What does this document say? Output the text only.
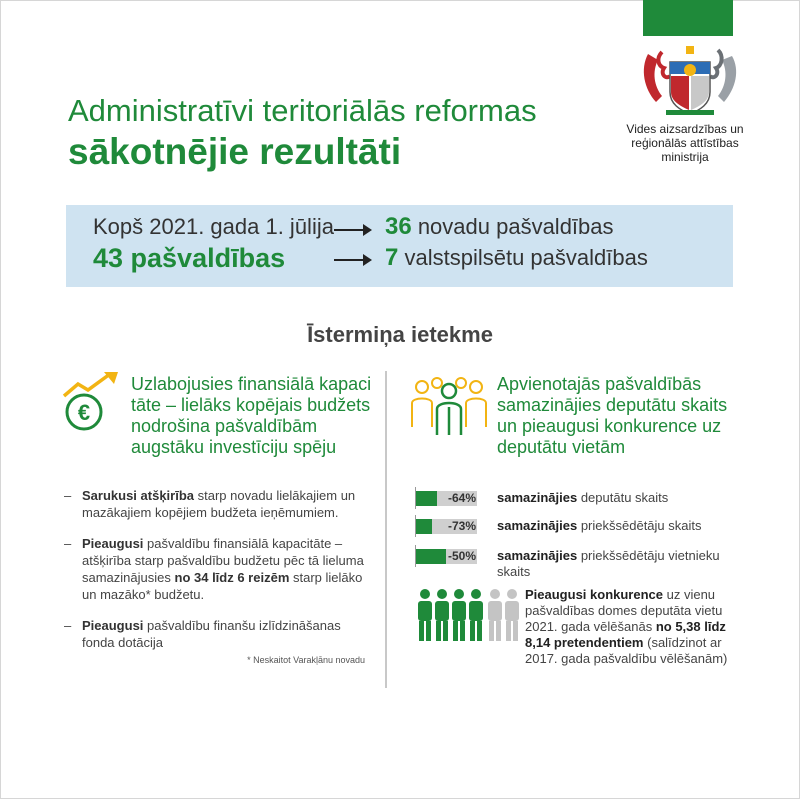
Vides aizsardzības un
reģionālās attīstības
ministrija
Administratīvi teritoriālās reformas
sākotnējie rezultāti
Kopš 2021. gada 1. jūlija
43 pašvaldības
36 novadu pašvaldības
7 valstspilsētu pašvaldības
Īstermiņa ietekme
€
Uzlabojusies finansiālā kapaci tāte – lielāks kopējais budžets nodrošina pašvaldībām augstāku investīciju spēju
– Sarukusi atšķirība starp novadu lielākajiem un mazākajiem kopējiem budžeta ieņēmumiem.
– Pieaugusi pašvaldību finansiālā kapacitāte – atšķirība starp pašvaldību budžetu pēc tā lieluma samazinājusies no 34 līdz 6 reizēm starp lielāko un mazāko* budžetu.
– Pieaugusi pašvaldību finanšu izlīdzināšanas fonda dotācija
* Neskaitot Varakļānu novadu
Apvienotajās pašvaldībās samazinājies deputātu skaits un pieaugusi konkurence uz deputātu vietām
-64% samazinājies deputātu skaits
-73% samazinājies priekšsēdētāju skaits
-50% samazinājies priekšsēdētāju vietnieku skaits
Pieaugusi konkurence uz vienu pašvaldības domes deputāta vietu 2021. gada vēlēšanās no 5,38 līdz 8,14 pretendentiem (salīdzinot ar 2017. gada pašvaldību vēlēšanām)
